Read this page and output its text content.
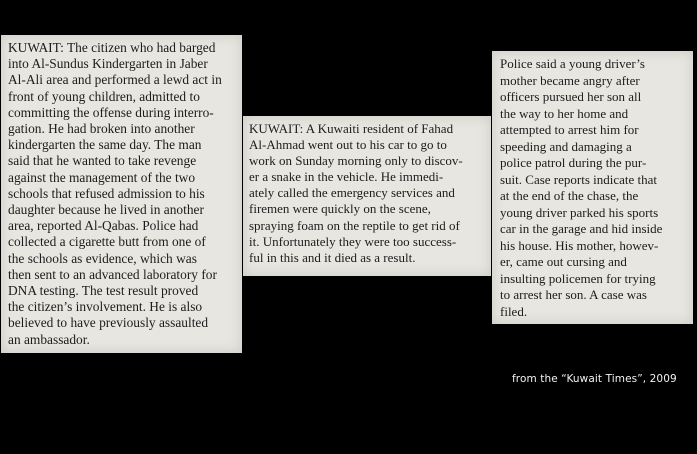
KUWAIT: The citizen who had barged
into Al-Sundus Kindergarten in Jaber
Al-Ali area and performed a lewd act in
front of young children, admitted to
committing the offense during interro-
gation. He had broken into another
kindergarten the same day. The man
said that he wanted to take revenge
against the management of the two
schools that refused admission to his
daughter because he lived in another
area, reported Al-Qabas. Police had
collected a cigarette butt from one of
the schools as evidence, which was
then sent to an advanced laboratory for
DNA testing. The test result proved
the citizen’s involvement. He is also
believed to have previously assaulted
an ambassador.

KUWAIT: A Kuwaiti resident of Fahad
Al-Ahmad went out to his car to go to
work on Sunday morning only to discov-
er a snake in the vehicle. He immedi-
ately called the emergency services and
firemen were quickly on the scene,
spraying foam on the reptile to get rid of
it. Unfortunately they were too success-
ful in this and it died as a result.

Police said a young driver’s
mother became angry after
officers pursued her son all
the way to her home and
attempted to arrest him for
speeding and damaging a
police patrol during the pur-
suit. Case reports indicate that
at the end of the chase, the
young driver parked his sports
car in the garage and hid inside
his house. His mother, howev-
er, came out cursing and
insulting policemen for trying
to arrest her son. A case was
filed.

from the “Kuwait Times”, 2009
